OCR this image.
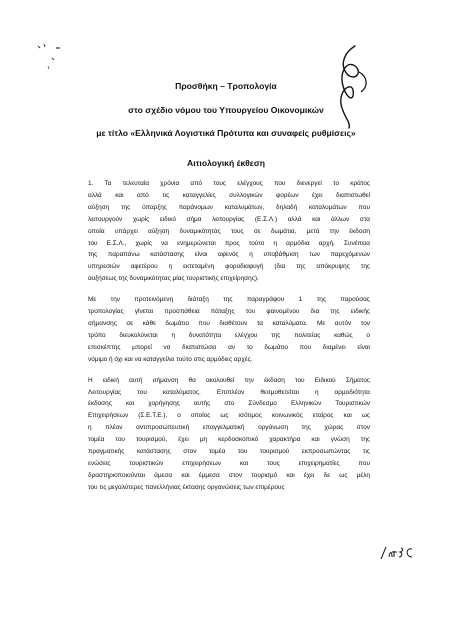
Προσθήκη – Τροπολογία
στο σχέδιο νόμου του Υπουργείου Οικονομικών
με τίτλο «Ελληνικά Λογιστικά Πρότυπα και συναφείς ρυθμίσεις»
Αιτιολογική έκθεση
1. Τα τελευταία χρόνια από τους ελέγχους που διενεργεί το κράτος
αλλά και από τις καταγγελίες συλλογικών φορέων έχει διαπιστωθεί
αύξηση της ύπαρξης παράνομων καταλυμάτων, δηλαδή καταλυμάτων που
λειτουργούν χωρίς ειδικό σήμα λειτουργίας (Ε.Σ.Λ.) αλλά και άλλων στα
οποία υπάρχει αύξηση δυναμικότητάς τους σε δωμάτια, μετά την έκδοση
του Ε.Σ.Λ., χωρίς να ενημερώνεται προς τούτο η αρμόδια αρχή. Συνέπεια
της παραπάνω κατάστασης είναι αφενός η υποβάθμιση των παρεχόμενων
υπηρεσιών αφετέρου η εκτεταμένη φοροδιαφυγή (δια της απόκρυψης της
αυξήσεως της δυναμικότητας μίας τουριστικής επιχείρησης).
Με την προτεινόμενη διάταξη της παραγράφου 1 της παρούσας
τροπολογίας γίνεται προσπάθεια πάταξης του φαινομένου δια της ειδικής
σήμανσης σε κάθε δωμάτιο που διαθέτουν τα καταλύματα. Με αυτόν τον
τρόπο διευκολύνεται η δυνατότητα ελέγχου της πολιτείας καθώς ο
επισκέπτης μπορεί να διαπιστώσει αν το δωμάτιο που διαμένει είναι
νόμιμο ή όχι και να καταγγείλει τούτο στις αρμόδιες αρχές.
Η ειδική αυτή σήμανση θα ακολουθεί την έκδοση του Ειδικού Σήματος
Λειτουργίας του καταλύματος. Επιπλέον θεσμοθετείται η αρμοδιότητα
έκδοσης και χορήγησης αυτής στο Σύνδεσμο Ελληνικών Τουριστικών
Επιχειρήσεων (Σ.Ε.Τ.Ε.), ο οποίος ως ισότιμος κοινωνικός εταίρος και ως
η πλέον αντιπροσωπευτική επαγγελματική οργάνωση της χώρας στον
τομέα του τουρισμού, έχει μη κερδοσκοπικό χαρακτήρα και γνώση της
πραγματικής κατάστασης στον τομέα του τουρισμού εκπροσωπώντας τις
ενώσεις τουριστικών επιχειρήσεων και τους επιχειρηματίες που
δραστηριοποιούνται άμεσα και έμμεσα στον τουρισμό και έχει δε ως μέλη
του τις μεγαλύτερες πανελλήνιας έκτασης οργανώσεις των επιμέρους
